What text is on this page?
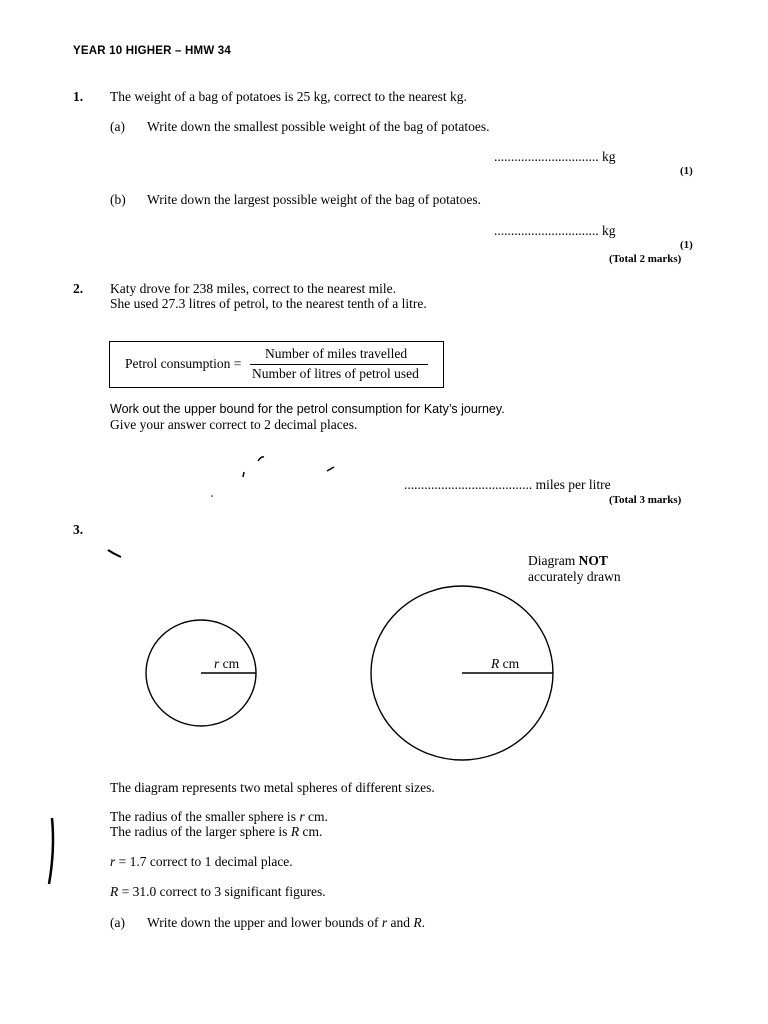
YEAR 10 HIGHER – HMW 34
1. The weight of a bag of potatoes is 25 kg, correct to the nearest kg.
(a) Write down the smallest possible weight of the bag of potatoes.
............................... kg
(1)
(b) Write down the largest possible weight of the bag of potatoes.
............................... kg
(1)
(Total 2 marks)
2. Katy drove for 238 miles, correct to the nearest mile.
She used 27.3 litres of petrol, to the nearest tenth of a litre.
Petrol consumption =
Number of miles travelled
Number of litres of petrol used
Work out the upper bound for the petrol consumption for Katy’s journey.
Give your answer correct to 2 decimal places.
...................................... miles per litre
(Total 3 marks)
3.
Diagram NOT
accurately drawn
r cm	R cm
The diagram represents two metal spheres of different sizes.
The radius of the smaller sphere is r cm.
The radius of the larger sphere is R cm.
r = 1.7 correct to 1 decimal place.
R = 31.0 correct to 3 significant figures.
(a) Write down the upper and lower bounds of r and R.
